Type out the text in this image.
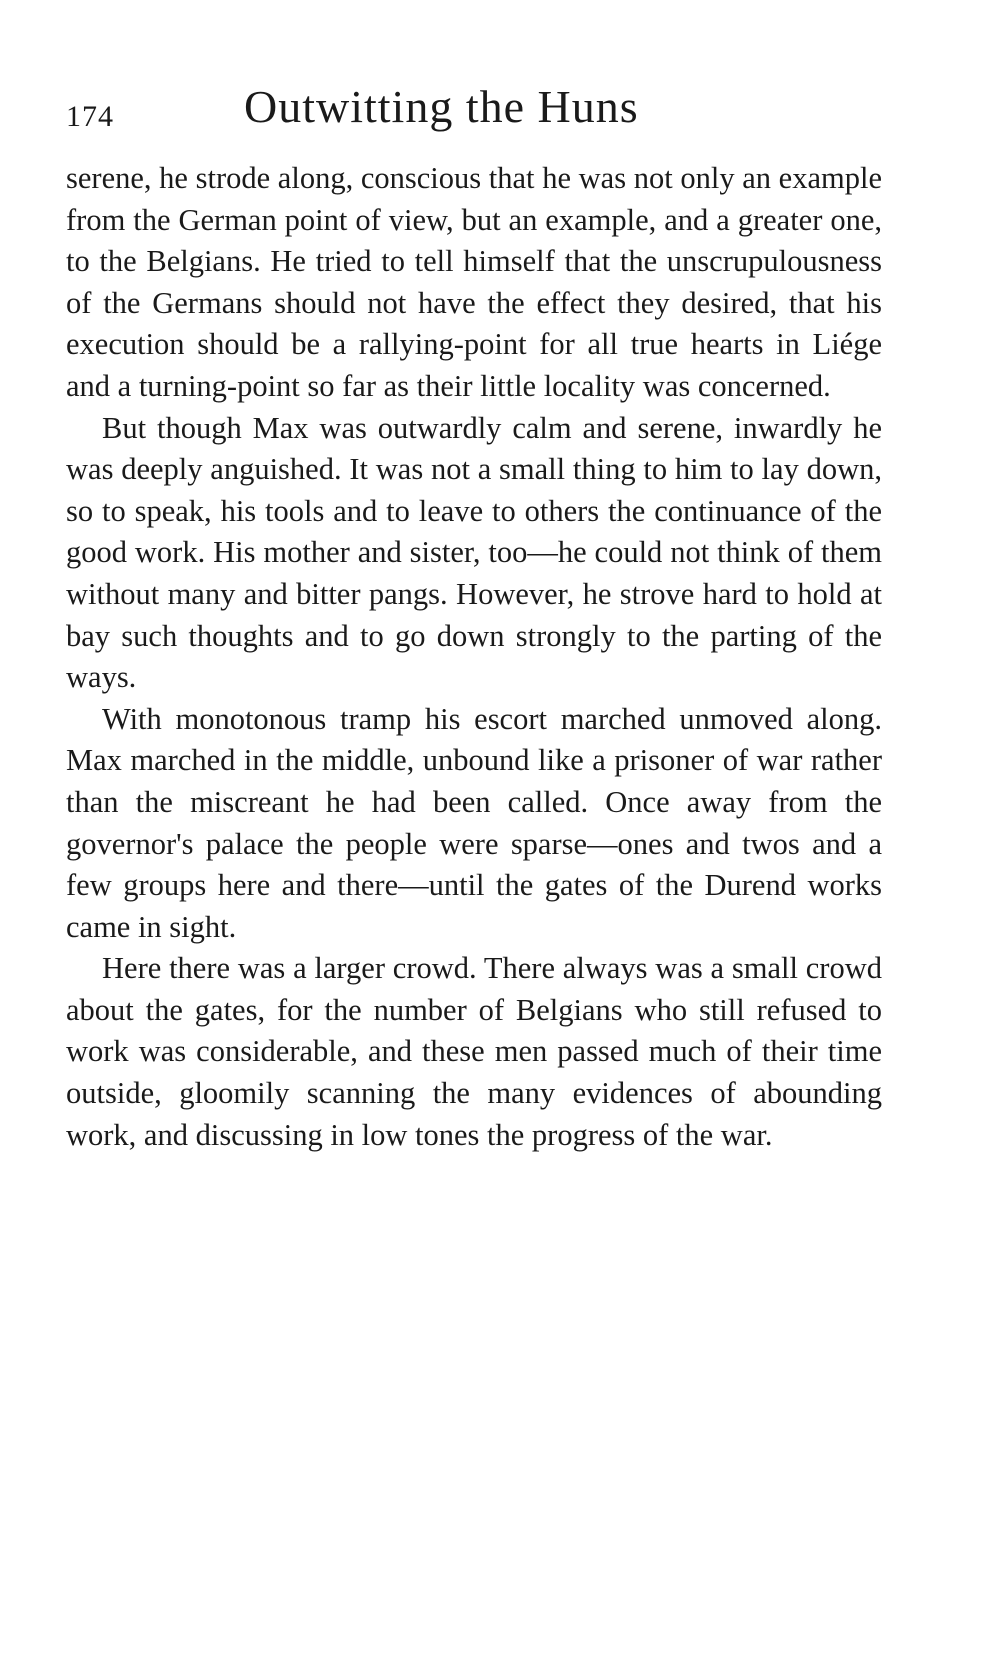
174	Outwitting the Huns

serene, he strode along, conscious that he was not only an example from the German point of view, but an example, and a greater one, to the Belgians. He tried to tell himself that the unscrupulousness of the Germans should not have the effect they desired, that his execution should be a rallying-point for all true hearts in Liége and a turning-point so far as their little locality was concerned.

But though Max was outwardly calm and serene, inwardly he was deeply anguished. It was not a small thing to him to lay down, so to speak, his tools and to leave to others the continuance of the good work. His mother and sister, too—he could not think of them without many and bitter pangs. However, he strove hard to hold at bay such thoughts and to go down strongly to the parting of the ways.

With monotonous tramp his escort marched unmoved along. Max marched in the middle, unbound like a prisoner of war rather than the miscreant he had been called. Once away from the governor's palace the people were sparse—ones and twos and a few groups here and there—until the gates of the Durend works came in sight.

Here there was a larger crowd. There always was a small crowd about the gates, for the number of Belgians who still refused to work was considerable, and these men passed much of their time outside, gloomily scanning the many evidences of abounding work, and discussing in low tones the progress of the war.
